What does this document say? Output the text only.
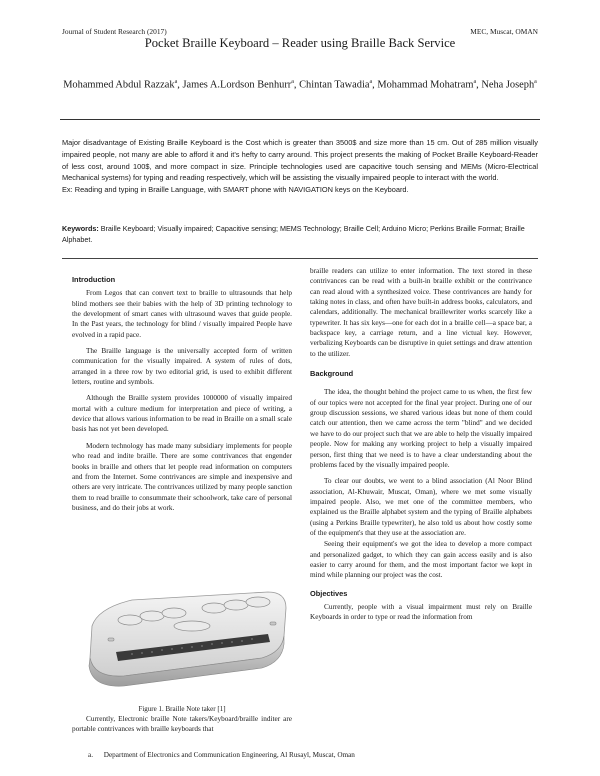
Journal of Student Research (2017)	MEC, Muscat, OMAN
Pocket Braille Keyboard – Reader using Braille Back Service
Mohammed Abdul Razzak$^a$, James A.Lordson Benhurr$^a$, Chintan Tawadia$^a$, Mohammad Mohatram$^a$, Neha Joseph$^a$

Major disadvantage of Existing Braille Keyboard is the Cost which is greater than 3500$ and size more than 15 cm. Out of 285 million visually impaired people, not many are able to afford it and it's hefty to carry around. This project presents the making of Pocket Braille Keyboard-Reader of less cost, around 100$, and more compact in size. Principle technologies used are capacitive touch sensing and MEMs (Micro-Electrical Mechanical systems) for typing and reading respectively, which will be assisting the visually impaired people to interact with the world.

Ex: Reading and typing in Braille Language, with SMART phone with NAVIGATION keys on the Keyboard.

Keywords: Braille Keyboard; Visually impaired; Capacitive sensing; MEMS Technology; Braille Cell; Arduino Micro; Perkins Braille Format; Braille Alphabet.
Introduction

From Legos that can convert text to braille to ultrasounds that help blind mothers see their babies with the help of 3D printing technology to the development of smart canes with ultrasound waves that guide people. In the Past years, the technology for blind / visually impaired People have evolved in a rapid pace.

The Braille language is the universally accepted form of written communication for the visually impaired. A system of rules of dots, arranged in a three row by two editorial grid, is used to exhibit different letters, routine and symbols.

Although the Braille system provides 1000000 of visually impaired mortal with a culture medium for interpretation and piece of writing, a device that allows various information to be read in Braille on a small scale basis has not yet been developed.

Modern technology has made many subsidiary implements for people who read and indite braille. There are some contrivances that engender books in braille and others that let people read information on computers and from the Internet. Some contrivances are simple and inexpensive and others are very intricate. The contrivances utilized by many people sanction them to read braille to consummate their schoolwork, take care of personal business, and do their jobs at work.

Figure 1. Braille Note taker [1]

Currently, Electronic braille Note takers/Keyboard/braille inditer are portable contrivances with braille keyboards that

braille readers can utilize to enter information. The text stored in these contrivances can be read with a built-in braille exhibit or the contrivance can read aloud with a synthesized voice. These contrivances are handy for taking notes in class, and often have built-in address books, calculators, and calendars, additionally. The mechanical braillewriter works scarcely like a typewriter. It has six keys—one for each dot in a braille cell—a space bar, a backspace key, a carriage return, and a line victual key. However, verbalizing Keyboards can be disruptive in quiet settings and draw attention to the utilizer.

Background

The idea, the thought behind the project came to us when, the first few of our topics were not accepted for the final year project. During one of our group discussion sessions, we shared various ideas but none of them could catch our attention, then we came across the term "blind" and we decided we have to do our project such that we are able to help the visually impaired people. Now for making any working project to help a visually impaired person, first thing that we need is to have a clear understanding about the problems faced by the visually impaired people.

To clear our doubts, we went to a blind association (Al Noor Blind association, Al-Khuwair, Muscat, Oman), where we met some visually impaired people. Also, we met one of the committee members, who explained us the Braille alphabet system and the typing of Braille alphabets (using a Perkins Braille typewriter), he also told us about how costly some of the equipment's that they use at the association are.

Seeing their equipment's we got the idea to develop a more compact and personalized gadget, to which they can gain access easily and is also easier to carry around for them, and the most important factor we kept in mind while planning our project was the cost.

Objectives

Currently, people with a visual impairment must rely on Braille Keyboards in order to type or read the information from

a. Department of Electronics and Communication Engineering, Al Rusayl, Muscat, Oman
